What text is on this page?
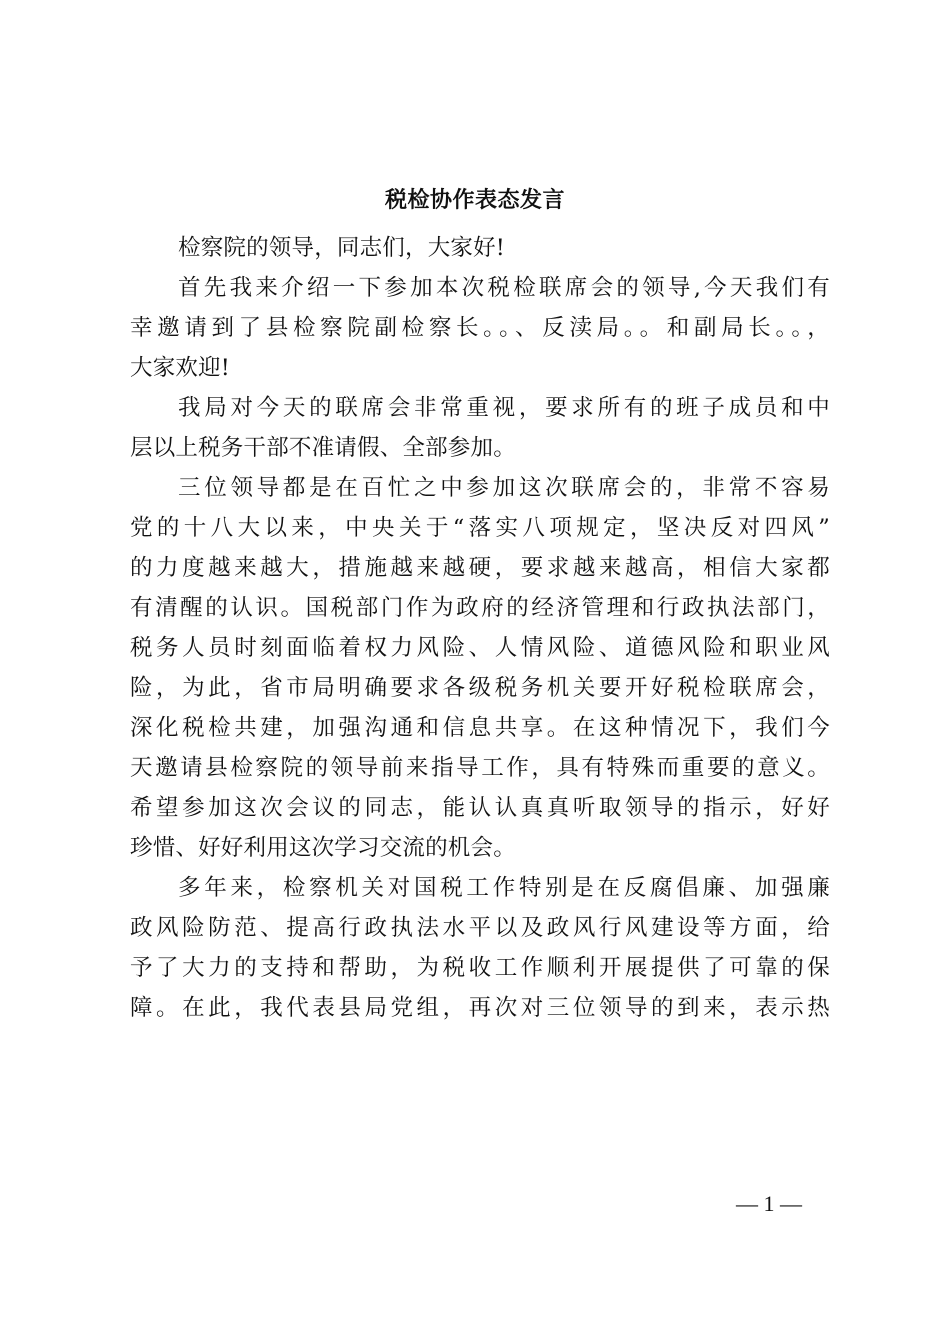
税检协作表态发言
检察院的领导，同志们，大家好!
首先我来介绍一下参加本次税检联席会的领导,今天我们有
幸邀请到了县检察院副检察长。。、反渎局。。和副局长。。，
大家欢迎!
我局对今天的联席会非常重视，要求所有的班子成员和中
层以上税务干部不准请假、全部参加。
三位领导都是在百忙之中参加这次联席会的，非常不容易
党的十八大以来，中央关于“落实八项规定，坚决反对四风”
的力度越来越大，措施越来越硬，要求越来越高，相信大家都
有清醒的认识。国税部门作为政府的经济管理和行政执法部门，
税务人员时刻面临着权力风险、人情风险、道德风险和职业风
险，为此，省市局明确要求各级税务机关要开好税检联席会，
深化税检共建，加强沟通和信息共享。在这种情况下，我们今
天邀请县检察院的领导前来指导工作，具有特殊而重要的意义。
希望参加这次会议的同志，能认认真真听取领导的指示，好好
珍惜、好好利用这次学习交流的机会。
多年来，检察机关对国税工作特别是在反腐倡廉、加强廉
政风险防范、提高行政执法水平以及政风行风建设等方面，给
予了大力的支持和帮助，为税收工作顺利开展提供了可靠的保
障。在此，我代表县局党组，再次对三位领导的到来，表示热
— 1 —
